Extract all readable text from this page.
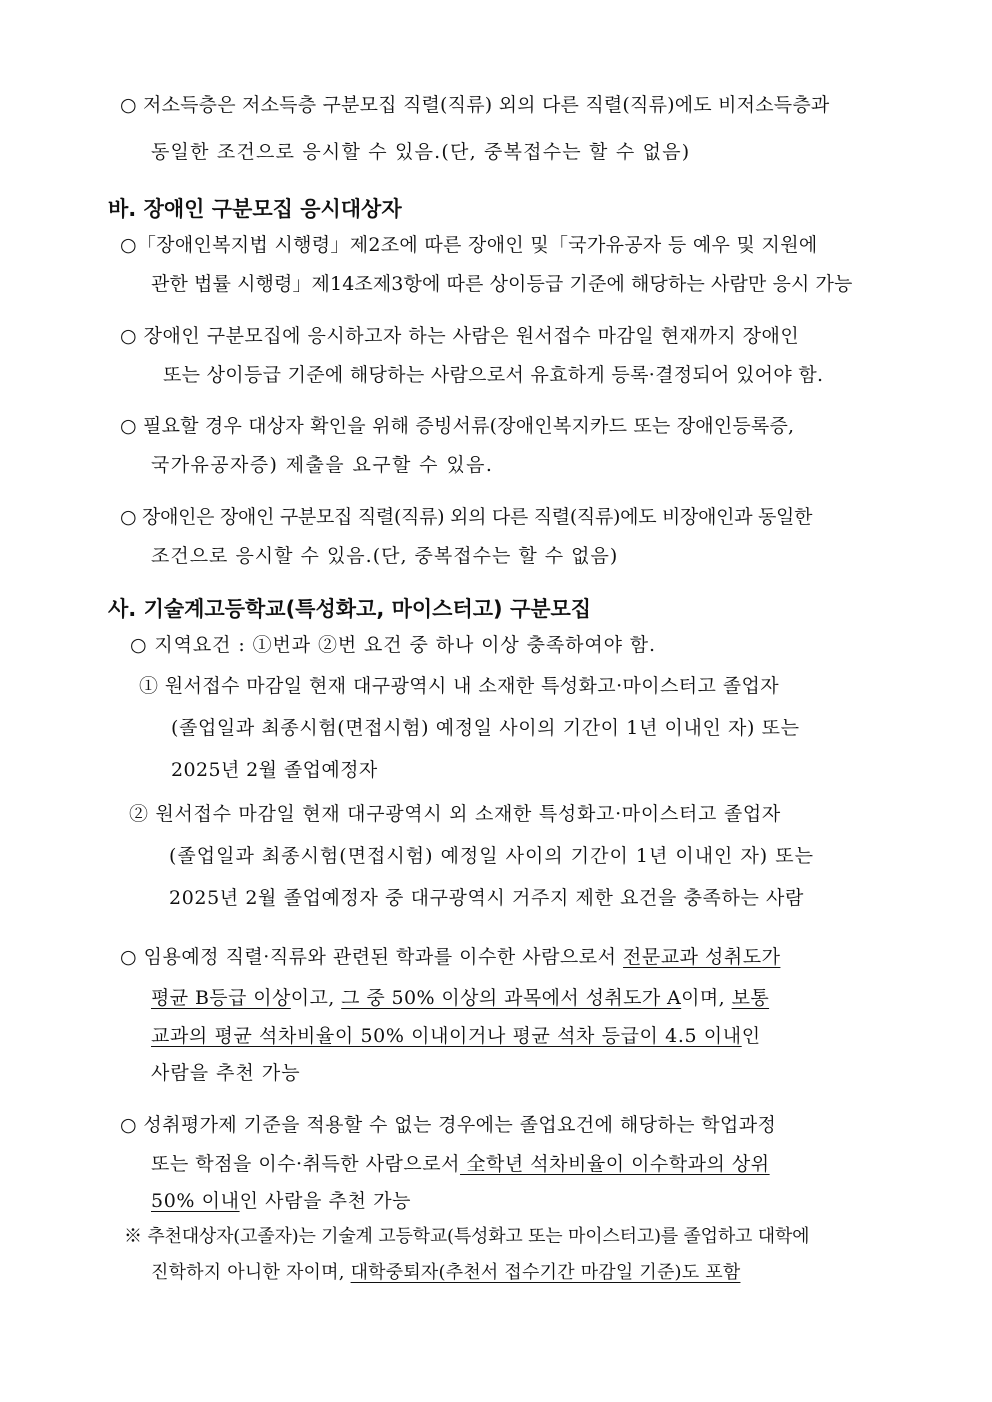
○ 저소득층은 저소득층 구분모집 직렬(직류) 외의 다른 직렬(직류)에도 비저소득층과
동일한 조건으로 응시할 수 있음.(단, 중복접수는 할 수 없음)
바. 장애인 구분모집 응시대상자
○「장애인복지법 시행령」제2조에 따른 장애인 및「국가유공자 등 예우 및 지원에
관한 법률 시행령」제14조제3항에 따른 상이등급 기준에 해당하는 사람만 응시 가능
○ 장애인 구분모집에 응시하고자 하는 사람은 원서접수 마감일 현재까지 장애인
또는 상이등급 기준에 해당하는 사람으로서 유효하게 등록·결정되어 있어야 함.
○ 필요할 경우 대상자 확인을 위해 증빙서류(장애인복지카드 또는 장애인등록증,
국가유공자증) 제출을 요구할 수 있음.
○ 장애인은 장애인 구분모집 직렬(직류) 외의 다른 직렬(직류)에도 비장애인과 동일한
조건으로 응시할 수 있음.(단, 중복접수는 할 수 없음)
사. 기술계고등학교(특성화고, 마이스터고) 구분모집
○ 지역요건 : ①번과 ②번 요건 중 하나 이상 충족하여야 함.
① 원서접수 마감일 현재 대구광역시 내 소재한 특성화고·마이스터고 졸업자
(졸업일과 최종시험(면접시험) 예정일 사이의 기간이 1년 이내인 자) 또는
2025년 2월 졸업예정자
② 원서접수 마감일 현재 대구광역시 외 소재한 특성화고·마이스터고 졸업자
(졸업일과 최종시험(면접시험) 예정일 사이의 기간이 1년 이내인 자) 또는
2025년 2월 졸업예정자 중 대구광역시 거주지 제한 요건을 충족하는 사람
○ 임용예정 직렬·직류와 관련된 학과를 이수한 사람으로서 전문교과 성취도가
평균 B등급 이상이고, 그 중 50% 이상의 과목에서 성취도가 A이며, 보통
교과의 평균 석차비율이 50% 이내이거나 평균 석차 등급이 4.5 이내인
사람을 추천 가능
○ 성취평가제 기준을 적용할 수 없는 경우에는 졸업요건에 해당하는 학업과정
또는 학점을 이수·취득한 사람으로서 全학년 석차비율이 이수학과의 상위
50% 이내인 사람을 추천 가능
※ 추천대상자(고졸자)는 기술계 고등학교(특성화고 또는 마이스터고)를 졸업하고 대학에
진학하지 아니한 자이며, 대학중퇴자(추천서 접수기간 마감일 기준)도 포함
